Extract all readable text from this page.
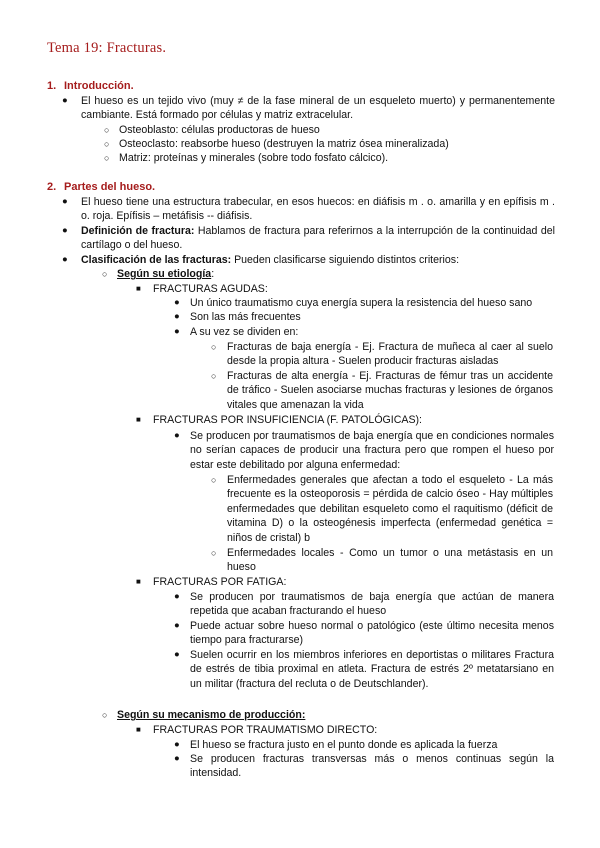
Tema 19: Fracturas.
1. Introducción.
● El hueso es un tejido vivo (muy ≠ de la fase mineral de un esqueleto muerto) y permanentemente cambiante. Está formado por células y matriz extracelular.

○ Osteoblasto: células productoras de hueso

○ Osteoclasto: reabsorbe hueso (destruyen la matriz ósea mineralizada)

○ Matriz: proteínas y minerales (sobre todo fosfato cálcico).

2. Partes del hueso.
● El hueso tiene una estructura trabecular, en esos huecos: en diáfisis m . o. amarilla y en epífisis m . o. roja. Epífisis – metáfisis -- diáfisis.

● Definición de fractura: Hablamos de fractura para referirnos a la interrupción de la continuidad del cartílago o del hueso.

● Clasificación de las fracturas: Pueden clasificarse siguiendo distintos criterios:

○ Según su etiología:

■ FRACTURAS AGUDAS:

● Un único traumatismo cuya energía supera la resistencia del hueso sano

● Son las más frecuentes

● A su vez se dividen en:

○ Fracturas de baja energía - Ej. Fractura de muñeca al caer al suelo desde la propia altura - Suelen producir fracturas aisladas

○ Fracturas de alta energía - Ej. Fracturas de fémur tras un accidente de tráfico - Suelen asociarse muchas fracturas y lesiones de órganos vitales que amenazan la vida

■ FRACTURAS POR INSUFICIENCIA (F. PATOLÓGICAS):

● Se producen por traumatismos de baja energía que en condiciones normales no serían capaces de producir una fractura pero que rompen el hueso por estar este debilitado por alguna enfermedad:

○ Enfermedades generales que afectan a todo el esqueleto - La más frecuente es la osteoporosis = pérdida de calcio óseo - Hay múltiples enfermedades que debilitan esqueleto como el raquitismo (déficit de vitamina D) o la osteogénesis imperfecta (enfermedad genética = niños de cristal) b

○ Enfermedades locales - Como un tumor o una metástasis en un hueso

■ FRACTURAS POR FATIGA:

● Se producen por traumatismos de baja energía que actúan de manera repetida que acaban fracturando el hueso

● Puede actuar sobre hueso normal o patológico (este último necesita menos tiempo para fracturarse)

● Suelen ocurrir en los miembros inferiores en deportistas o militares Fractura de estrés de tibia proximal en atleta. Fractura de estrés 2º metatarsiano en un militar (fractura del recluta o de Deutschlander).

○ Según su mecanismo de producción:

■ FRACTURAS POR TRAUMATISMO DIRECTO:

● El hueso se fractura justo en el punto donde es aplicada la fuerza

● Se producen fracturas transversas más o menos continuas según la intensidad.
